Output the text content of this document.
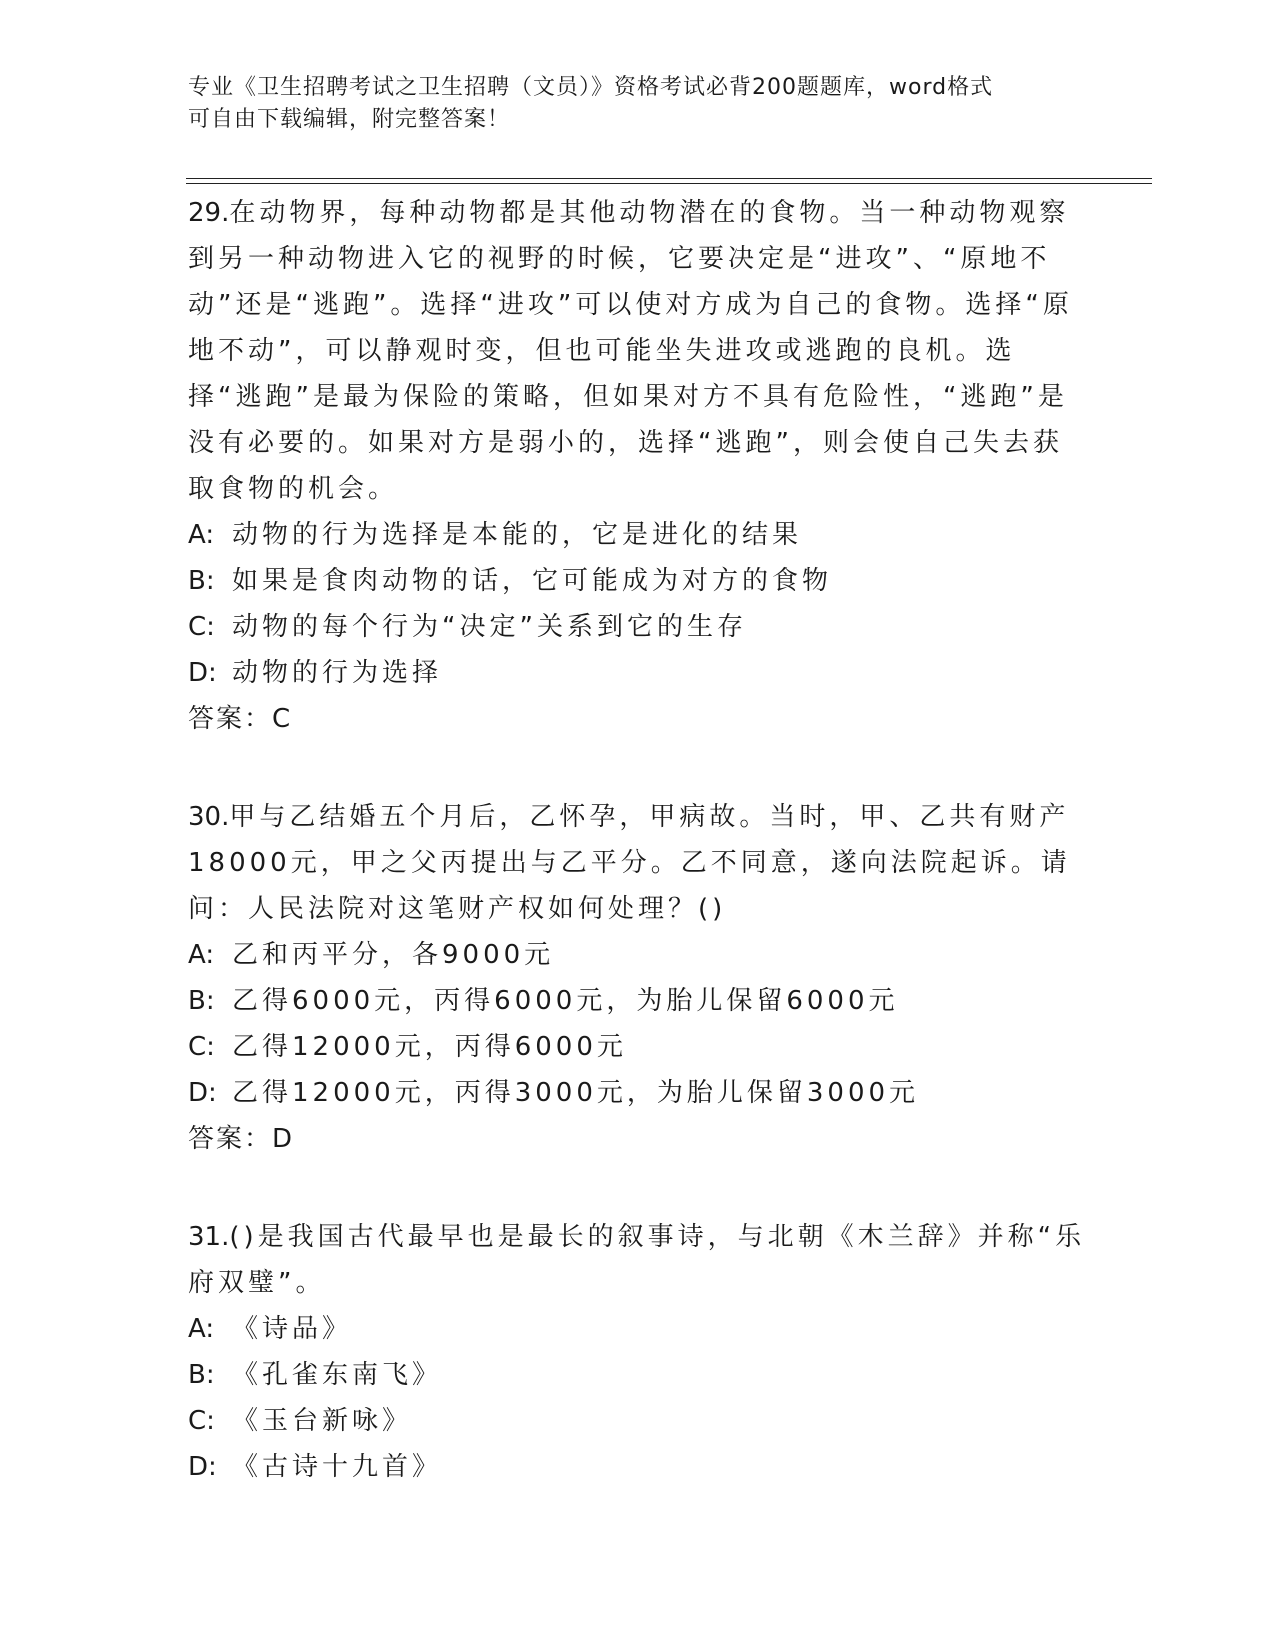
专业《卫生招聘考试之卫生招聘（文员）》资格考试必背200题题库，word格式
可自由下载编辑，附完整答案！

29.在动物界，每种动物都是其他动物潜在的食物。当一种动物观察到另一种动物进入它的视野的时候，它要决定是“进攻”、“原地不动”还是“逃跑”。选择“进攻”可以使对方成为自己的食物。选择“原地不动”，可以静观时变，但也可能坐失进攻或逃跑的良机。选择“逃跑”是最为保险的策略，但如果对方不具有危险性，“逃跑”是没有必要的。如果对方是弱小的，选择“逃跑”，则会使自己失去获取食物的机会。

A: 动物的行为选择是本能的，它是进化的结果
B: 如果是食肉动物的话，它可能成为对方的食物
C: 动物的每个行为“决定”关系到它的生存
D: 动物的行为选择
答案：C

30.甲与乙结婚五个月后，乙怀孕，甲病故。当时，甲、乙共有财产18000元，甲之父丙提出与乙平分。乙不同意，遂向法院起诉。请问：人民法院对这笔财产权如何处理？()

A: 乙和丙平分，各9000元
B: 乙得6000元，丙得6000元，为胎儿保留6000元
C: 乙得12000元，丙得6000元
D: 乙得12000元，丙得3000元，为胎儿保留3000元
答案：D

31.()是我国古代最早也是最长的叙事诗，与北朝《木兰辞》并称“乐府双璧”。

A: 《诗品》
B: 《孔雀东南飞》
C: 《玉台新咏》
D: 《古诗十九首》
